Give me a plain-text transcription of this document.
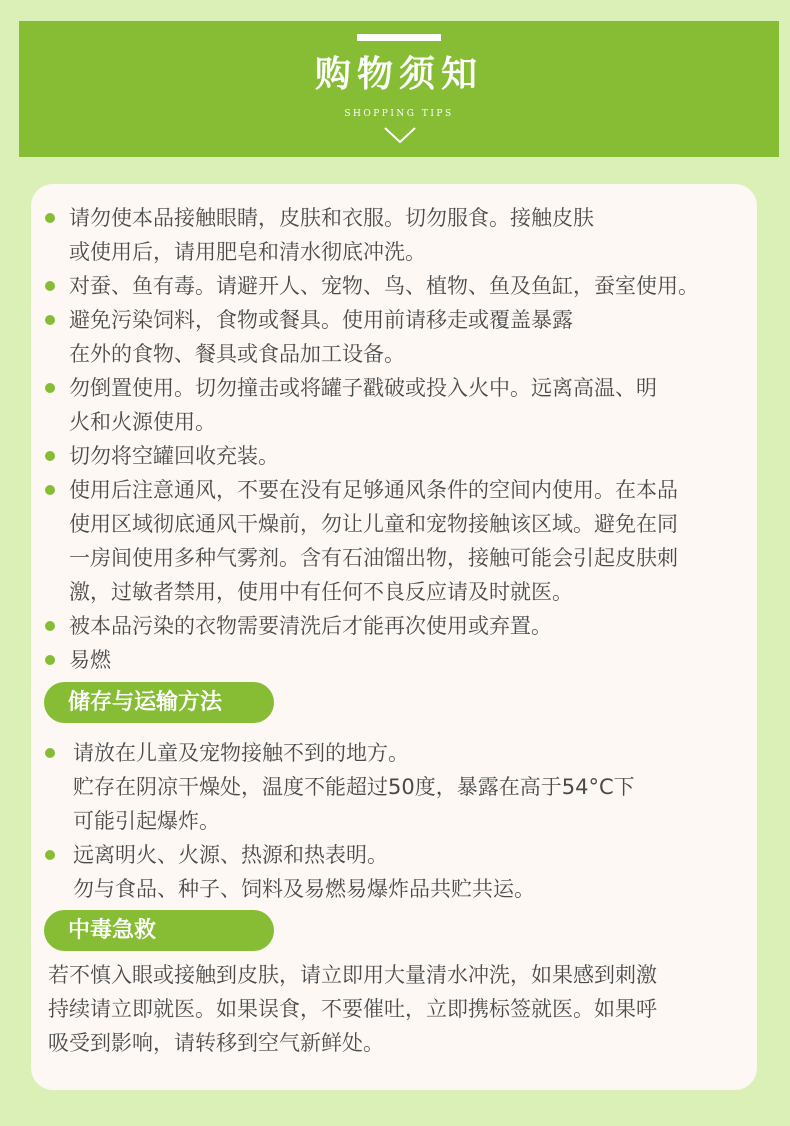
购物须知
SHOPPING TIPS
请勿使本品接触眼睛，皮肤和衣服。切勿服食。接触皮肤
或使用后，请用肥皂和清水彻底冲洗。
对蚕、鱼有毒。请避开人、宠物、鸟、植物、鱼及鱼缸，蚕室使用。
避免污染饲料，食物或餐具。使用前请移走或覆盖暴露
在外的食物、餐具或食品加工设备。
勿倒置使用。切勿撞击或将罐子戳破或投入火中。远离高温、明
火和火源使用。
切勿将空罐回收充装。
使用后注意通风，不要在没有足够通风条件的空间内使用。在本品
使用区域彻底通风干燥前，勿让儿童和宠物接触该区域。避免在同
一房间使用多种气雾剂。含有石油馏出物，接触可能会引起皮肤刺
激，过敏者禁用，使用中有任何不良反应请及时就医。
被本品污染的衣物需要清洗后才能再次使用或弃置。
易燃
储存与运输方法
请放在儿童及宠物接触不到的地方。
贮存在阴凉干燥处，温度不能超过50度，暴露在高于54°C下
可能引起爆炸。
远离明火、火源、热源和热表明。
勿与食品、种子、饲料及易燃易爆炸品共贮共运。
中毒急救
若不慎入眼或接触到皮肤，请立即用大量清水冲洗，如果感到刺激
持续请立即就医。如果误食，不要催吐，立即携标签就医。如果呼
吸受到影响，请转移到空气新鲜处。
